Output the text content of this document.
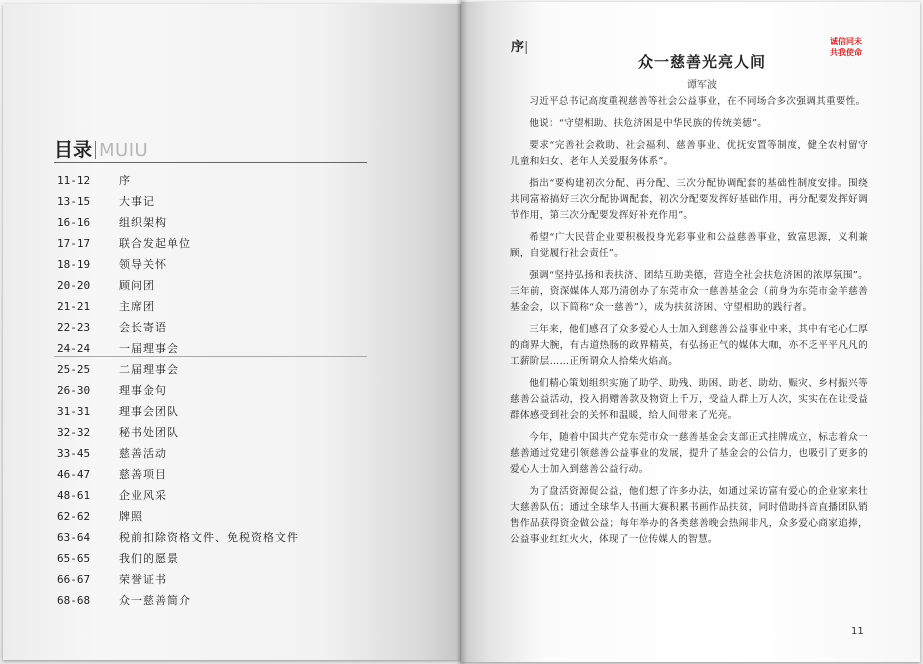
目录 MUIU
11-12	序
13-15	大事记
16-16	组织架构
17-17	联合发起单位
18-19	领导关怀
20-20	顾问团
21-21	主席团
22-23	会长寄语
24-24	一届理事会
25-25	二届理事会
26-30	理事金句
31-31	理事会团队
32-32	秘书处团队
33-45	慈善活动
46-47	慈善项目
48-61	企业风采
62-62	牌照
63-64	税前扣除资格文件、免税资格文件
65-65	我们的愿景
66-67	荣誉证书
68-68	众一慈善简介
序|	诚信同未
共我使命
众一慈善光亮人间
谭军波

习近平总书记高度重视慈善等社会公益事业，在不同场合多次强调其重要性。

他说：“守望相助、扶危济困是中华民族的传统美德”。

要求“完善社会救助、社会福利、慈善事业、优抚安置等制度，健全农村留守儿童和妇女、老年人关爱服务体系”。

指出“要构建初次分配、再分配、三次分配协调配套的基础性制度安排。围绕共同富裕搞好三次分配协调配套，初次分配要发挥好基础作用，再分配要发挥好调节作用，第三次分配要发挥好补充作用”。

希望“广大民营企业要积极投身光彩事业和公益慈善事业，致富思源，义利兼顾，自觉履行社会责任”。

强调“坚持弘扬和表扶济、团结互助美德，营造全社会扶危济困的浓厚氛围”。三年前，资深媒体人郑乃清创办了东莞市众一慈善基金会（前身为东莞市金羊慈善基金会，以下简称“众一慈善”），成为扶贫济困、守望相助的践行者。

三年来，他们感召了众多爱心人士加入到慈善公益事业中来，其中有宅心仁厚的商界大腕，有古道热肠的政界精英，有弘扬正气的媒体大咖，亦不乏平平凡凡的工薪阶层……正所谓众人拾柴火焰高。

他们精心策划组织实施了助学、助残、助困、助老、助幼、赈灾、乡村振兴等慈善公益活动，投入捐赠善款及物资上千万，受益人群上万人次，实实在在让受益群体感受到社会的关怀和温暖，给人间带来了光亮。

今年，随着中国共产党东莞市众一慈善基金会支部正式挂牌成立，标志着众一慈善通过党建引领慈善公益事业的发展，提升了基金会的公信力，也吸引了更多的爱心人士加入到慈善公益行动。

为了盘活资源促公益，他们想了许多办法，如通过采访富有爱心的企业家来壮大慈善队伍；通过全球华人书画大赛积累书画作品扶贫，同时借助抖音直播团队销售作品获得资金做公益；每年举办的各类慈善晚会热闹非凡，众多爱心商家追捧，公益事业红红火火，体现了一位传媒人的智慧。

11
